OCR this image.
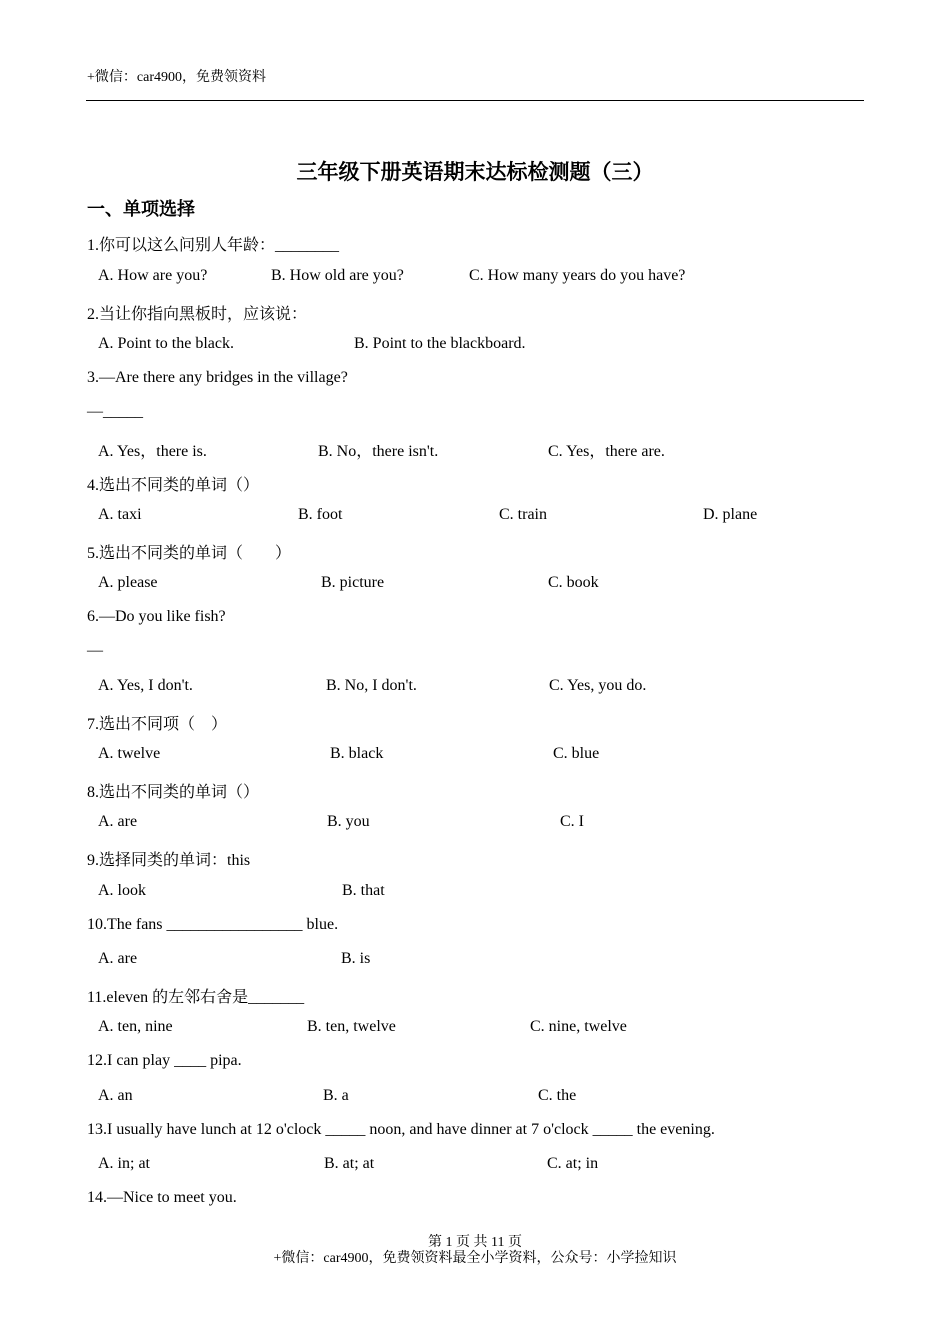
+微信：car4900，免费领资料
三年级下册英语期末达标检测题（三）
一、单项选择
1.你可以这么问别人年龄：________
A. How are you?	B. How old are you?	C. How many years do you have?
2.当让你指向黑板时，应该说：
A. Point to the black.	B. Point to the blackboard.
3.—Are there any bridges in the village?
—_____
A. Yes，there is.	B. No，there isn't.	C. Yes，there are.
4.选出不同类的单词（）
A. taxi	B. foot	C. train	D. plane
5.选出不同类的单词（　　）
A. please	B. picture	C. book
6.—Do you like fish?
—
A. Yes, I don't.	B. No, I don't.	C. Yes, you do.
7.选出不同项（　）
A. twelve	B. black	C. blue
8.选出不同类的单词（）
A. are	B. you	C. I
9.选择同类的单词：this
A. look	B. that
10.The fans _________________ blue.
A. are	B. is
11.eleven 的左邻右舍是_______
A. ten, nine	B. ten, twelve	C. nine, twelve
12.I can play ____ pipa.
A. an	B. a	C. the
13.I usually have lunch at 12 o'clock _____ noon, and have dinner at 7 o'clock _____ the evening.
A. in; at	B. at; at	C. at; in
14.—Nice to meet you.
第 1 页 共 11 页
+微信：car4900，免费领资料最全小学资料，公众号：小学捡知识
